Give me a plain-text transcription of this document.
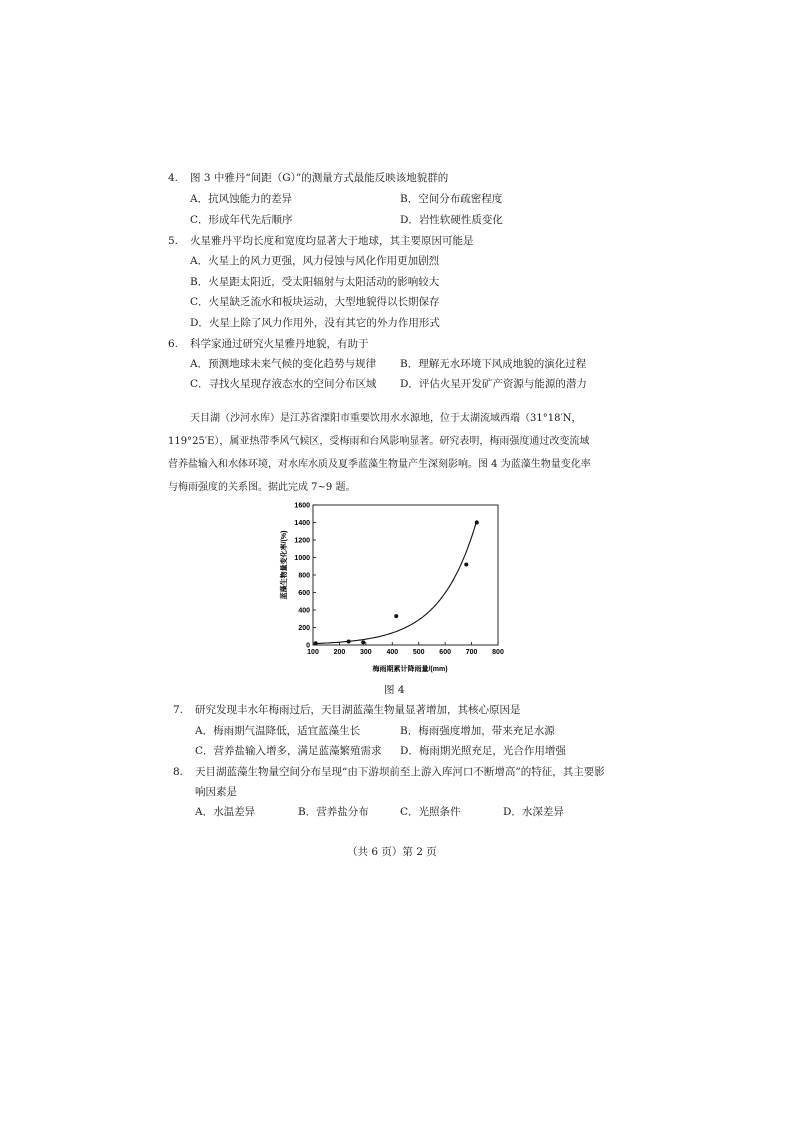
4. 图 3 中雅丹“间距（G）”的测量方式最能反映该地貌群的
A．抗风蚀能力的差异	B．空间分布疏密程度
C．形成年代先后顺序	D．岩性软硬性质变化
5. 火星雅丹平均长度和宽度均显著大于地球，其主要原因可能是
A．火星上的风力更强，风力侵蚀与风化作用更加剧烈
B．火星距太阳近，受太阳辐射与太阳活动的影响较大
C．火星缺乏流水和板块运动，大型地貌得以长期保存
D．火星上除了风力作用外，没有其它的外力作用形式
6. 科学家通过研究火星雅丹地貌，有助于
A．预测地球未来气候的变化趋势与规律 B．理解无水环境下风成地貌的演化过程
C．寻找火星现存液态水的空间分布区域 D．评估火星开发矿产资源与能源的潜力
天目湖（沙河水库）是江苏省溧阳市重要饮用水水源地，位于太湖流域西端（31°18′N，
119°25′E），属亚热带季风气候区，受梅雨和台风影响显著。研究表明，梅雨强度通过改变流域
营养盐输入和水体环境，对水库水质及夏季蓝藻生物量产生深刻影响。图 4 为蓝藻生物量变化率
与梅雨强度的关系图。据此完成 7~9 题。
0
200
400
600
800
1000
1200
1400
1600
100 200 300 400 500 600 700 800
蓝藻生物量变化率/(%)
梅雨期累计降雨量/(mm)
图 4
7. 研究发现丰水年梅雨过后，天目湖蓝藻生物量显著增加，其核心原因是
A．梅雨期气温降低，适宜蓝藻生长	B．梅雨强度增加，带来充足水源
C．营养盐输入增多，满足蓝藻繁殖需求 D．梅雨期光照充足，光合作用增强
8. 天目湖蓝藻生物量空间分布呈现“由下游坝前至上游入库河口不断增高”的特征，其主要影
响因素是
A．水温差异	B．营养盐分布	C．光照条件	D．水深差异
（共 6 页）第 2 页
